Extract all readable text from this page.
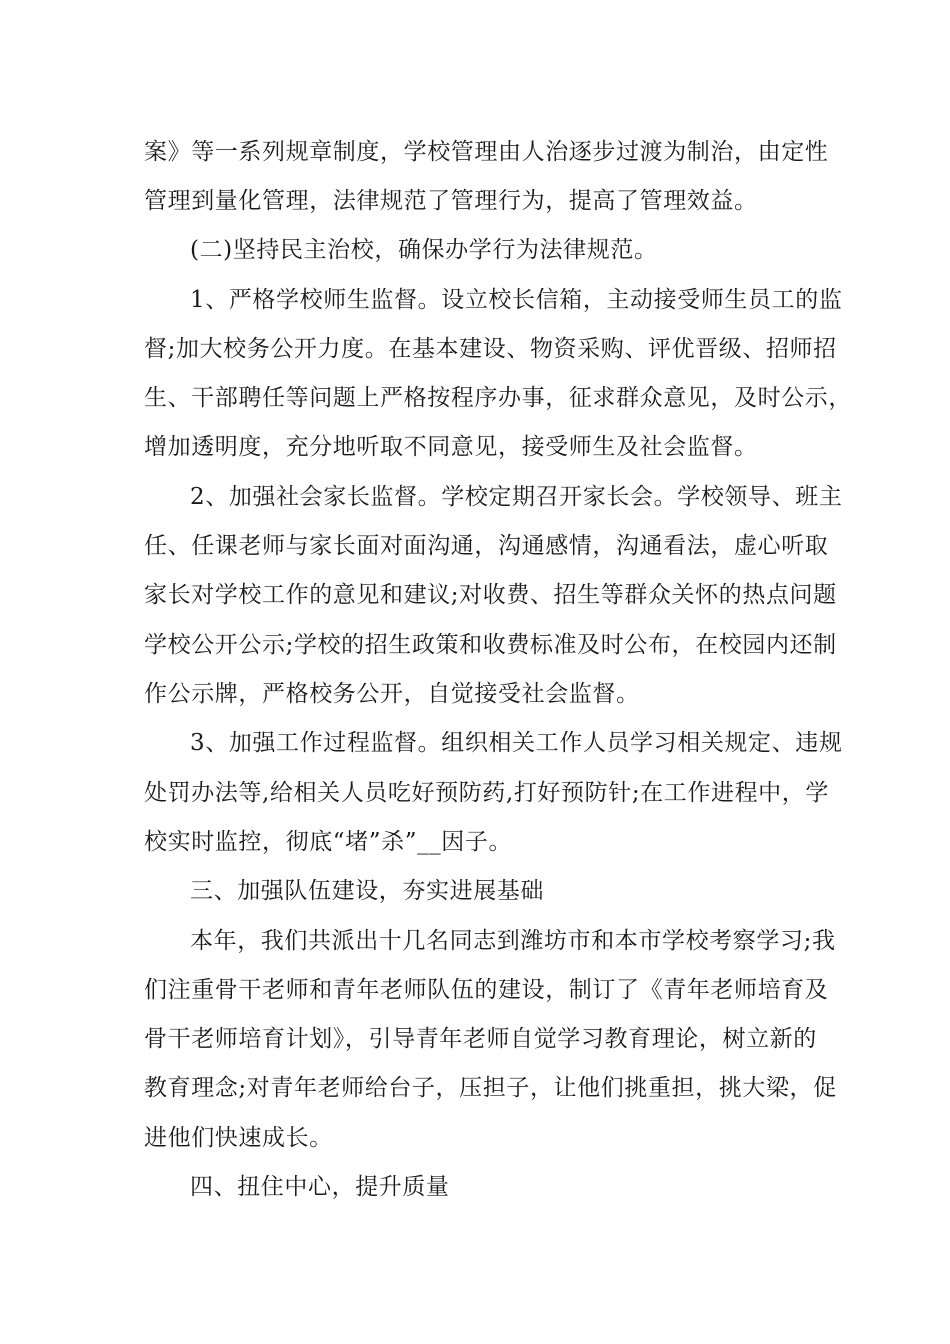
案》等一系列规章制度，学校管理由人治逐步过渡为制治，由定性
管理到量化管理，法律规范了管理行为，提高了管理效益。
(二)坚持民主治校，确保办学行为法律规范。
1、严格学校师生监督。设立校长信箱，主动接受师生员工的监
督;加大校务公开力度。在基本建设、物资采购、评优晋级、招师招
生、干部聘任等问题上严格按程序办事，征求群众意见，及时公示，
增加透明度，充分地听取不同意见，接受师生及社会监督。
2、加强社会家长监督。学校定期召开家长会。学校领导、班主
任、任课老师与家长面对面沟通，沟通感情，沟通看法，虚心听取
家长对学校工作的意见和建议;对收费、招生等群众关怀的热点问题
学校公开公示;学校的招生政策和收费标准及时公布，在校园内还制
作公示牌，严格校务公开，自觉接受社会监督。
3、加强工作过程监督。组织相关工作人员学习相关规定、违规
处罚办法等,给相关人员吃好预防药,打好预防针;在工作进程中，学
校实时监控，彻底“堵”杀”__因子。
三、加强队伍建设，夯实进展基础
本年，我们共派出十几名同志到潍坊市和本市学校考察学习;我
们注重骨干老师和青年老师队伍的建设，制订了《青年老师培育及
骨干老师培育计划》，引导青年老师自觉学习教育理论，树立新的
教育理念;对青年老师给台子，压担子，让他们挑重担，挑大梁，促
进他们快速成长。
四、扭住中心，提升质量
